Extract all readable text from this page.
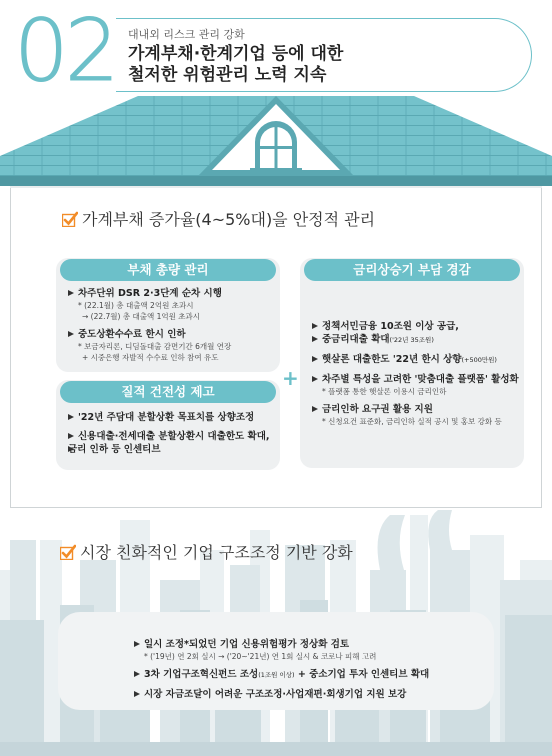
02 대내외 리스크 관리 강화
가계부채·한계기업 등에 대한
철저한 위험관리 노력 지속
가계부채 증가율(4~5%대)을 안정적 관리
부채 총량 관리
차주단위 DSR 2·3단계 순차 시행
* (22.1월) 총 대출액 2억원 초과시
→ (22.7월) 총 대출액 1억원 초과시
중도상환수수료 한시 인하
* 보금자리론, 디딤돌대출 감면기간 6개월 연장
+ 시중은행 자발적 수수료 인하 참여 유도
질적 건전성 제고
'22년 주담대 분할상환 목표치를 상향조정
신용대출·전세대출 분할상환시 대출한도 확대,
금리 인하 등 인센티브
+
금리상승기 부담 경감
정책서민금융 10조원 이상 공급,
중금리대출 확대('22년 35조원)
햇살론 대출한도 '22년 한시 상향(+500만원)
차주별 특성을 고려한 '맞춤대출 플랫폼' 활성화
* 플랫폼 통한 햇살론 이용시 금리인하
금리인하 요구권 활용 지원
* 신청요건 표준화, 금리인하 실적 공시 및 홍보 강화 등
시장 친화적인 기업 구조조정 기반 강화
일시 조정*되었던 기업 신용위험평가 정상화 검토
* ('19년) 연 2회 실시 → ('20~'21년) 연 1회 실시 & 코로나 피해 고려
3차 기업구조혁신펀드 조성(1조원 이상) + 중소기업 투자 인센티브 확대
시장 자금조달이 어려운 구조조정·사업재편·회생기업 지원 보강
